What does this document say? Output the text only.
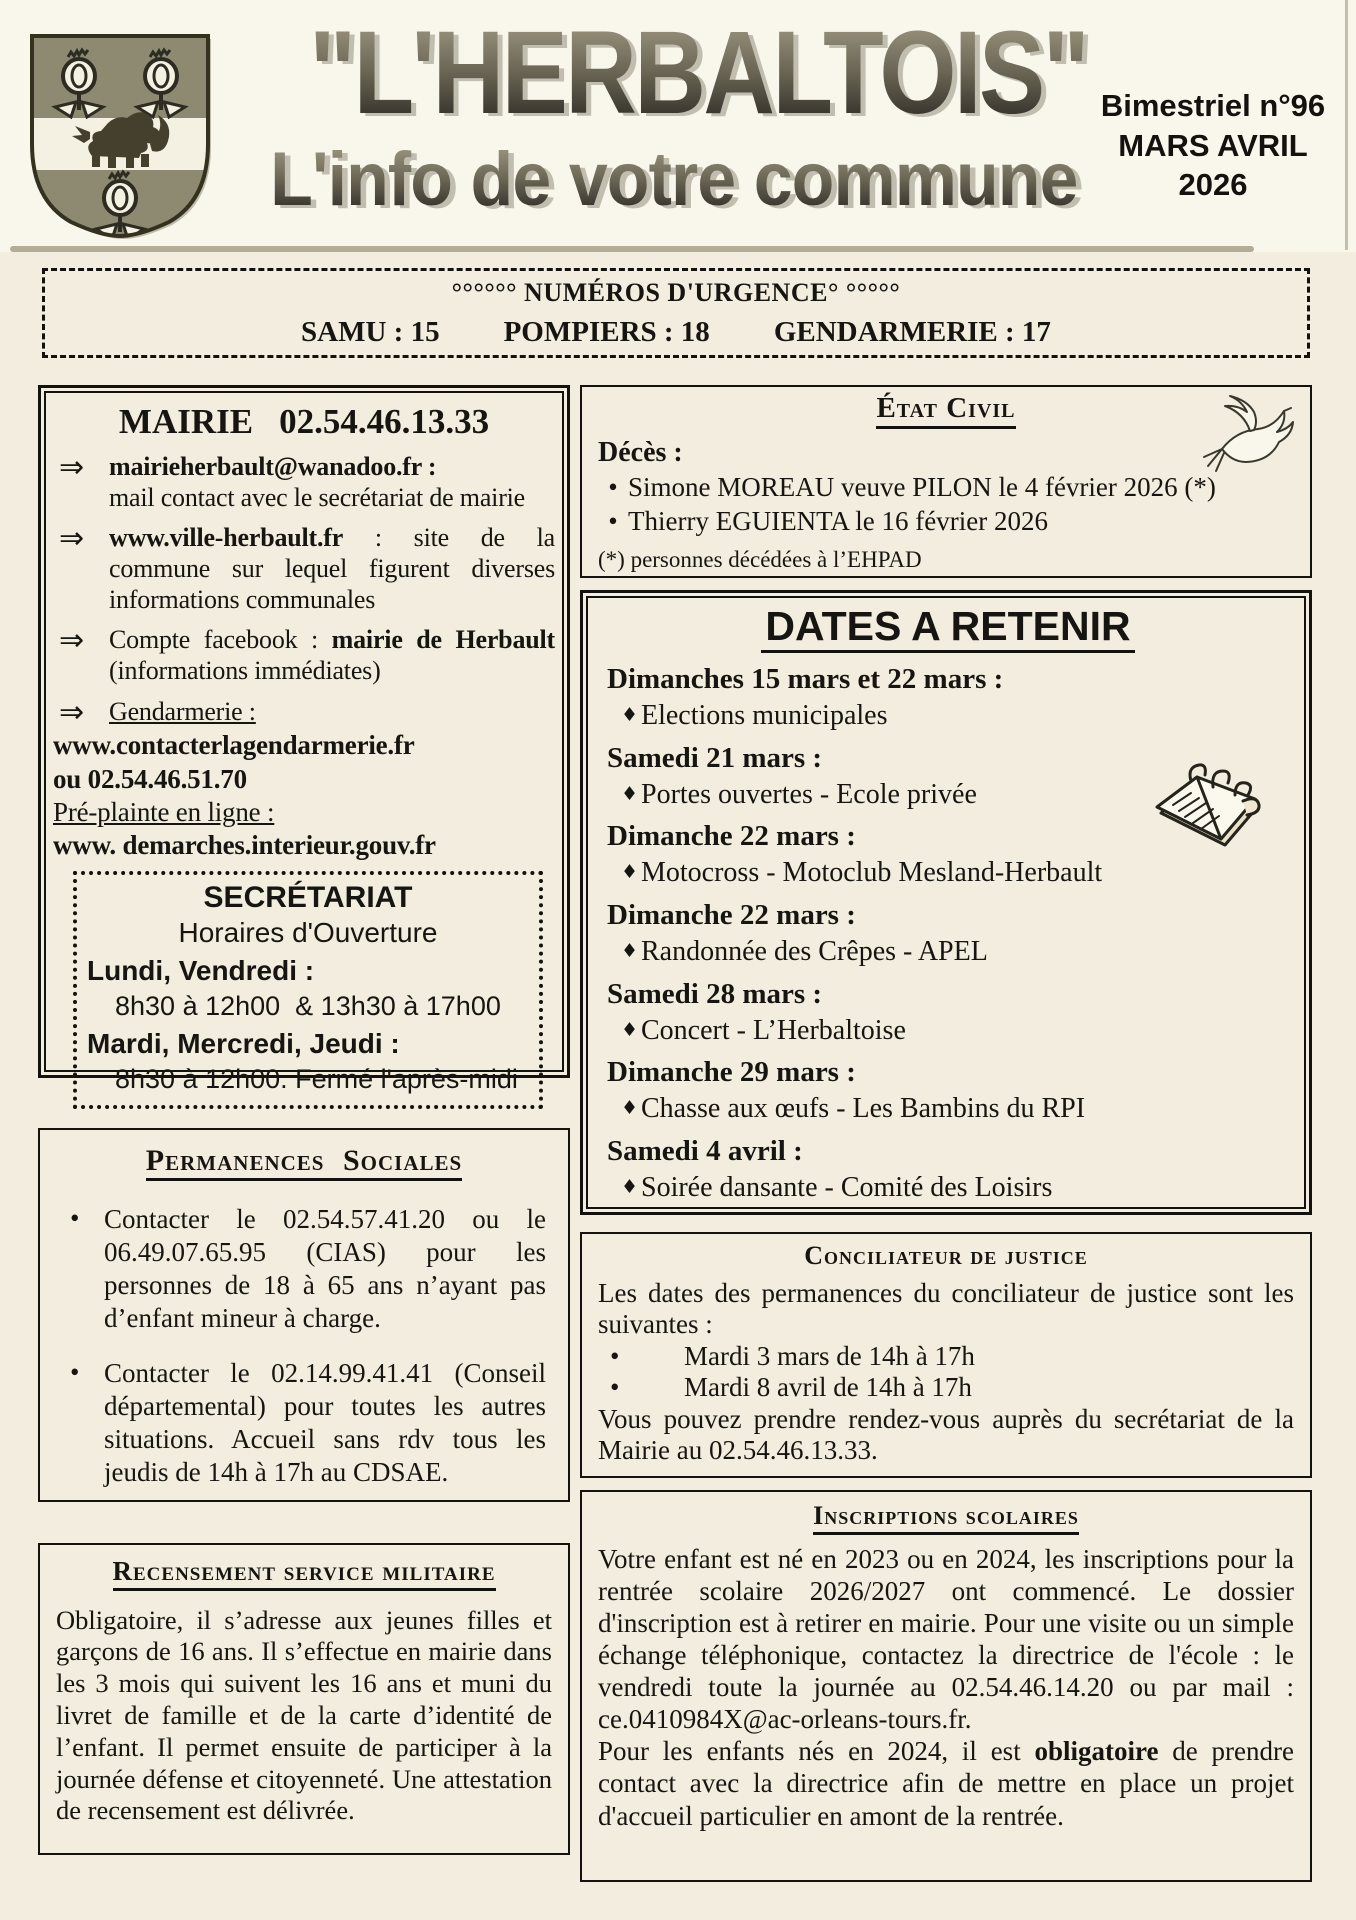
"L'HERBALTOIS" L'info de votre commune
Bimestriel n°96
MARS AVRIL
2026
°°°°°° NUMÉROS D'URGENCE° °°°°°
SAMU : 15 POMPIERS : 18 GENDARMERIE : 17
MAIRIE 02.54.46.13.33
⇒ mairieherbault@wanadoo.fr :
mail contact avec le secrétariat de mairie
⇒ www.ville-herbault.fr : site de la commune sur lequel figurent diverses informations communales
⇒ Compte facebook : mairie de Herbault (informations immédiates)
⇒ Gendarmerie :
www.contacterlagendarmerie.fr
ou 02.54.46.51.70
Pré-plainte en ligne :
www. demarches.interieur.gouv.fr
SECRÉTARIAT
Horaires d'Ouverture
Lundi, Vendredi :
8h30 à 12h00  & 13h30 à 17h00
Mardi, Mercredi, Jeudi :
8h30 à 12h00. Fermé l'après-midi
État Civil
Décès :
• Simone MOREAU veuve PILON le 4 février 2026 (*)
• Thierry EGUIENTA le 16 février 2026
(*) personnes décédées à l’EHPAD
DATES A RETENIR
Dimanches 15 mars et 22 mars :
♦ Elections municipales
Samedi 21 mars :
♦ Portes ouvertes - Ecole privée
Dimanche 22 mars :
♦ Motocross - Motoclub Mesland-Herbault
Dimanche 22 mars :
♦ Randonnée des Crêpes - APEL
Samedi 28 mars :
♦ Concert - L’Herbaltoise
Dimanche 29 mars :
♦ Chasse aux œufs - Les Bambins du RPI
Samedi 4 avril :
♦ Soirée dansante - Comité des Loisirs
Permanences Sociales
• Contacter le 02.54.57.41.20 ou le 06.49.07.65.95 (CIAS) pour les personnes de 18 à 65 ans n’ayant pas d’enfant mineur à charge.
• Contacter le 02.14.99.41.41 (Conseil départemental) pour toutes les autres situations. Accueil sans rdv tous les jeudis de 14h à 17h au CDSAE.
Conciliateur de justice
Les dates des permanences du conciliateur de justice sont les suivantes :
•	Mardi 3 mars de 14h à 17h
•	Mardi 8 avril de 14h à 17h
Vous pouvez prendre rendez-vous auprès du secrétariat de la Mairie au 02.54.46.13.33.
Recensement service militaire
Obligatoire, il s’adresse aux jeunes filles et garçons de 16 ans. Il s’effectue en mairie dans les 3 mois qui suivent les 16 ans et muni du livret de famille et de la carte d’identité de l’enfant. Il permet ensuite de participer à la journée défense et citoyenneté. Une attestation de recensement est délivrée.
Inscriptions scolaires
Votre enfant est né en 2023 ou en 2024, les inscriptions pour la rentrée scolaire 2026/2027 ont commencé. Le dossier d'inscription est à retirer en mairie. Pour une visite ou un simple échange téléphonique, contactez la directrice de l'école : le vendredi toute la journée au 02.54.46.14.20 ou par mail : ce.0410984X@ac-orleans-tours.fr.
Pour les enfants nés en 2024, il est obligatoire de prendre contact avec la directrice afin de mettre en place un projet d'accueil particulier en amont de la rentrée.
